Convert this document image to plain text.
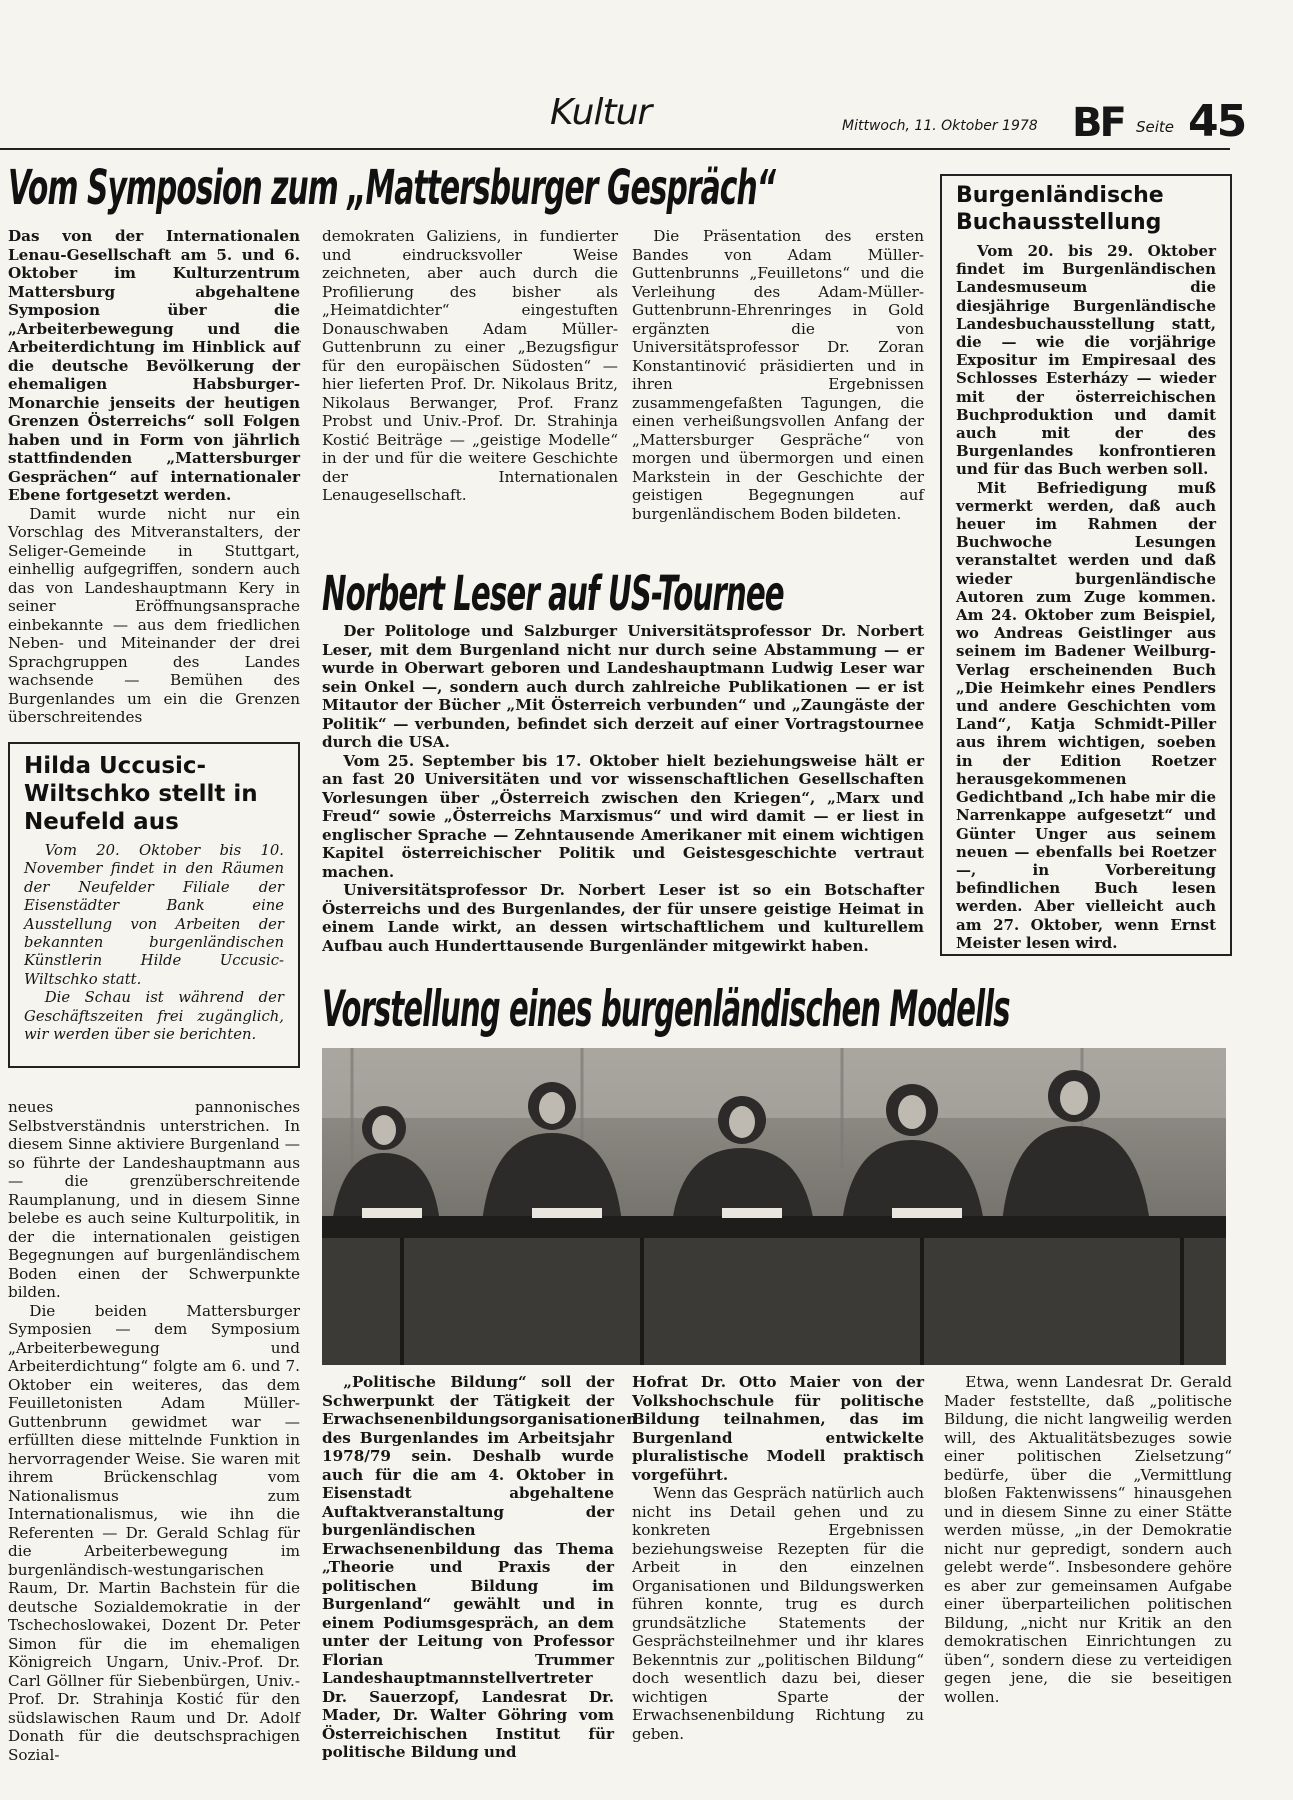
Kultur	Mittwoch, 11. Oktober 1978 BF Seite 45
Vom Symposion zum „Mattersburger Gespräch“

Das von der Internationalen Lenau-Gesellschaft am 5. und 6. Oktober im Kulturzentrum Mattersburg abgehaltene Symposion über die „Arbeiterbewegung und die Arbeiterdichtung im Hinblick auf die deutsche Bevölkerung der ehemaligen Habsburger-Monarchie jenseits der heutigen Grenzen Österreichs“ soll Folgen haben und in Form von jährlich stattfindenden „Mattersburger Gesprächen“ auf internationaler Ebene fortgesetzt werden.

Damit wurde nicht nur ein Vorschlag des Mitveranstalters, der Seliger-Gemeinde in Stuttgart, einhellig aufgegriffen, sondern auch das von Landeshauptmann Kery in seiner Eröffnungsansprache einbekannte — aus dem friedlichen Neben- und Miteinander der drei Sprachgruppen des Landes wachsende — Bemühen des Burgenlandes um ein die Grenzen überschreitendes

demokraten Galiziens, in fundierter und eindrucksvoller Weise zeichneten, aber auch durch die Profilierung des bisher als „Heimatdichter“ eingestuften Donauschwaben Adam Müller-Guttenbrunn zu einer „Bezugsfigur für den europäischen Südosten“ — hier lieferten Prof. Dr. Nikolaus Britz, Nikolaus Berwanger, Prof. Franz Probst und Univ.-Prof. Dr. Strahinja Kostić Beiträge — „geistige Modelle“ in der und für die weitere Geschichte der Internationalen Lenaugesellschaft.

Die Präsentation des ersten Bandes von Adam Müller-Guttenbrunns „Feuilletons“ und die Verleihung des Adam-Müller-Guttenbrunn-Ehrenringes in Gold ergänzten die von Universitätsprofessor Dr. Zoran Konstantinović präsidierten und in ihren Ergebnissen zusammengefaßten Tagungen, die einen verheißungsvollen Anfang der „Mattersburger Gespräche“ von morgen und übermorgen und einen Markstein in der Geschichte der geistigen Begegnungen auf burgenländischem Boden bildeten.

Burgenländische Buchausstellung

Vom 20. bis 29. Oktober findet im Burgenländischen Landesmuseum die diesjährige Burgenländische Landesbuchausstellung statt, die — wie die vorjährige Expositur im Empiresaal des Schlosses Esterházy — wieder mit der österreichischen Buchproduktion und damit auch mit der des Burgenlandes konfrontieren und für das Buch werben soll.

Mit Befriedigung muß vermerkt werden, daß auch heuer im Rahmen der Buchwoche Lesungen veranstaltet werden und daß wieder burgenländische Autoren zum Zuge kommen. Am 24. Oktober zum Beispiel, wo Andreas Geistlinger aus seinem im Badener Weilburg-Verlag erscheinenden Buch „Die Heimkehr eines Pendlers und andere Geschichten vom Land“, Katja Schmidt-Piller aus ihrem wichtigen, soeben in der Edition Roetzer herausgekommenen Gedichtband „Ich habe mir die Narrenkappe aufgesetzt“ und Günter Unger aus seinem neuen — ebenfalls bei Roetzer —, in Vorbereitung befindlichen Buch lesen werden. Aber vielleicht auch am 27. Oktober, wenn Ernst Meister lesen wird.

Hilda Uccusic-Wiltschko stellt in Neufeld aus

Vom 20. Oktober bis 10. November findet in den Räumen der Neufelder Filiale der Eisenstädter Bank eine Ausstellung von Arbeiten der bekannten burgenländischen Künstlerin Hilde Uccusic-Wiltschko statt.

Die Schau ist während der Geschäftszeiten frei zugänglich, wir werden über sie berichten.

Norbert Leser auf US-Tournee

Der Politologe und Salzburger Universitätsprofessor Dr. Norbert Leser, mit dem Burgenland nicht nur durch seine Abstammung — er wurde in Oberwart geboren und Landeshauptmann Ludwig Leser war sein Onkel —, sondern auch durch zahlreiche Publikationen — er ist Mitautor der Bücher „Mit Österreich verbunden“ und „Zaungäste der Politik“ — verbunden, befindet sich derzeit auf einer Vortragstournee durch die USA.

Vom 25. September bis 17. Oktober hielt beziehungsweise hält er an fast 20 Universitäten und vor wissenschaftlichen Gesellschaften Vorlesungen über „Österreich zwischen den Kriegen“, „Marx und Freud“ sowie „Österreichs Marxismus“ und wird damit — er liest in englischer Sprache — Zehntausende Amerikaner mit einem wichtigen Kapitel österreichischer Politik und Geistesgeschichte vertraut machen.

Universitätsprofessor Dr. Norbert Leser ist so ein Botschafter Österreichs und des Burgenlandes, der für unsere geistige Heimat in einem Lande wirkt, an dessen wirtschaftlichem und kulturellem Aufbau auch Hunderttausende Burgenländer mitgewirkt haben.

neues pannonisches Selbstverständnis unterstrichen. In diesem Sinne aktiviere Burgenland — so führte der Landeshauptmann aus — die grenzüberschreitende Raumplanung, und in diesem Sinne belebe es auch seine Kulturpolitik, in der die internationalen geistigen Begegnungen auf burgenländischem Boden einen der Schwerpunkte bilden.

Die beiden Mattersburger Symposien — dem Symposium „Arbeiterbewegung und Arbeiterdichtung“ folgte am 6. und 7. Oktober ein weiteres, das dem Feuilletonisten Adam Müller-Guttenbrunn gewidmet war — erfüllten diese mittelnde Funktion in hervorragender Weise. Sie waren mit ihrem Brückenschlag vom Nationalismus zum Internationalismus, wie ihn die Referenten — Dr. Gerald Schlag für die Arbeiterbewegung im burgenländisch-westungarischen Raum, Dr. Martin Bachstein für die deutsche Sozialdemokratie in der Tschechoslowakei, Dozent Dr. Peter Simon für die im ehemaligen Königreich Ungarn, Univ.-Prof. Dr. Carl Göllner für Siebenbürgen, Univ.-Prof. Dr. Strahinja Kostić für den südslawischen Raum und Dr. Adolf Donath für die deutschsprachigen Sozial-

Vorstellung eines burgenländischen Modells

„Politische Bildung“ soll der Schwerpunkt der Tätigkeit der Erwachsenenbildungsorganisationen des Burgenlandes im Arbeitsjahr 1978/79 sein. Deshalb wurde auch für die am 4. Oktober in Eisenstadt abgehaltene Auftaktveranstaltung der burgenländischen Erwachsenenbildung das Thema „Theorie und Praxis der politischen Bildung im Burgenland“ gewählt und in einem Podiumsgespräch, an dem unter der Leitung von Professor Florian Trummer Landeshauptmannstellvertreter Dr. Sauerzopf, Landesrat Dr. Mader, Dr. Walter Göhring vom Österreichischen Institut für politische Bildung und

Hofrat Dr. Otto Maier von der Volkshochschule für politische Bildung teilnahmen, das im Burgenland entwickelte pluralistische Modell praktisch vorgeführt.

Wenn das Gespräch natürlich auch nicht ins Detail gehen und zu konkreten Ergebnissen beziehungsweise Rezepten für die Arbeit in den einzelnen Organisationen und Bildungswerken führen konnte, trug es durch grundsätzliche Statements der Gesprächsteilnehmer und ihr klares Bekenntnis zur „politischen Bildung“ doch wesentlich dazu bei, dieser wichtigen Sparte der Erwachsenenbildung Richtung zu geben.

Etwa, wenn Landesrat Dr. Gerald Mader feststellte, daß „politische Bildung, die nicht langweilig werden will, des Aktualitätsbezuges sowie einer politischen Zielsetzung“ bedürfe, über die „Vermittlung bloßen Faktenwissens“ hinausgehen und in diesem Sinne zu einer Stätte werden müsse, „in der Demokratie nicht nur gepredigt, sondern auch gelebt werde“. Insbesondere gehöre es aber zur gemeinsamen Aufgabe einer überparteilichen politischen Bildung, „nicht nur Kritik an den demokratischen Einrichtungen zu üben“, sondern diese zu verteidigen gegen jene, die sie beseitigen wollen.
